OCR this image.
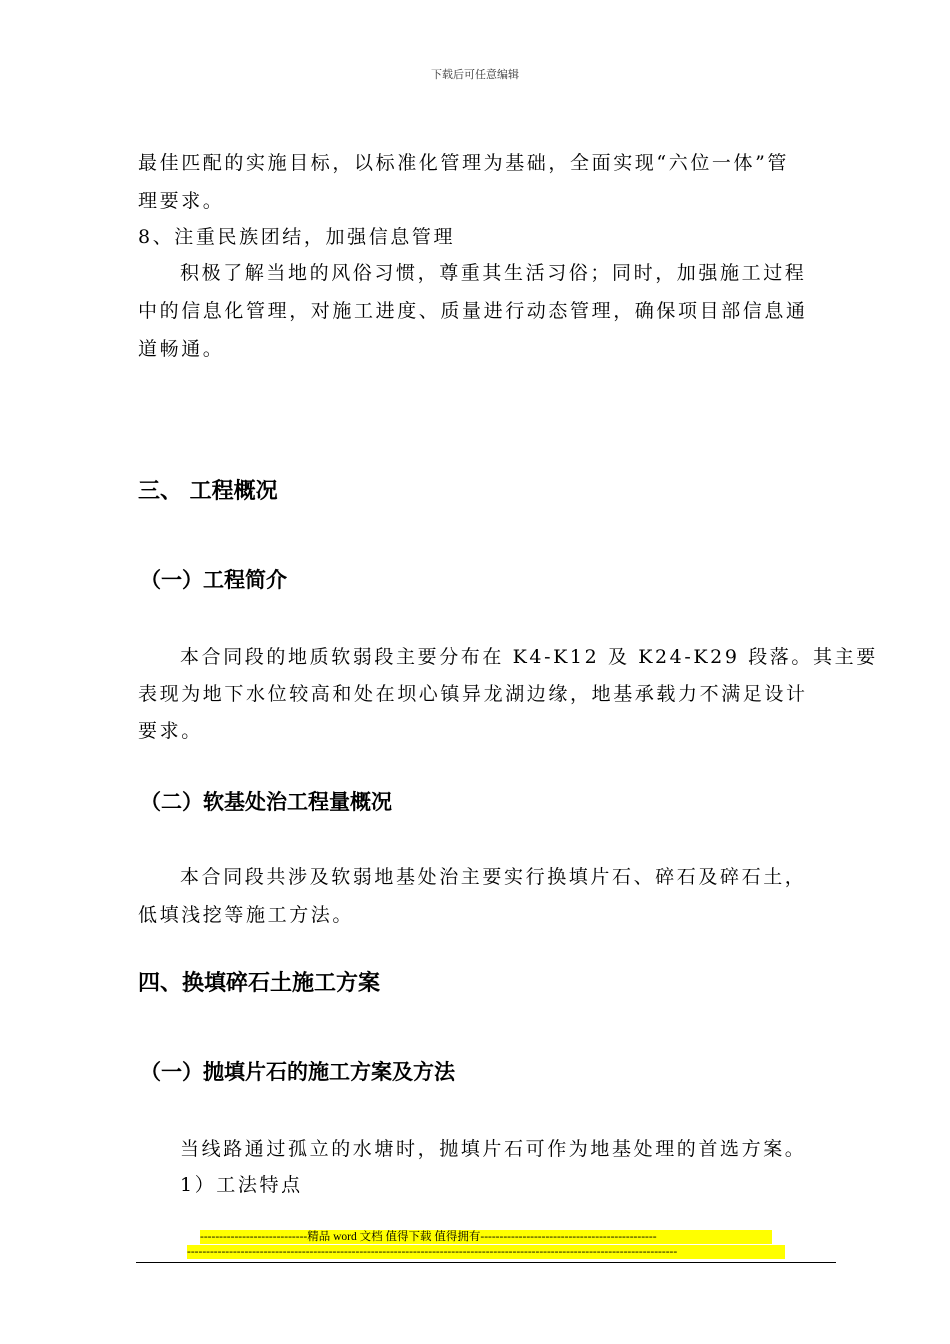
下载后可任意编辑
最佳匹配的实施目标，以标准化管理为基础，全面实现“六位一体”管
理要求。
8、注重民族团结，加强信息管理
积极了解当地的风俗习惯，尊重其生活习俗；同时，加强施工过程
中的信息化管理，对施工进度、质量进行动态管理，确保项目部信息通
道畅通。
三、 工程概况
（一）工程简介
本合同段的地质软弱段主要分布在 K4-K12 及 K24-K29 段落。其主要
表现为地下水位较高和处在坝心镇异龙湖边缘，地基承载力不满足设计
要求。
（二）软基处治工程量概况
本合同段共涉及软弱地基处治主要实行换填片石、碎石及碎石土，
低填浅挖等施工方法。
四、换填碎石土施工方案
（一）抛填片石的施工方案及方法
当线路通过孤立的水塘时，抛填片石可作为地基处理的首选方案。
1）工法特点
----------------------------精品 word 文档 值得下载 值得拥有----------------------------------------------
--------------------------------------------------------------------------------------------------------------------------------
